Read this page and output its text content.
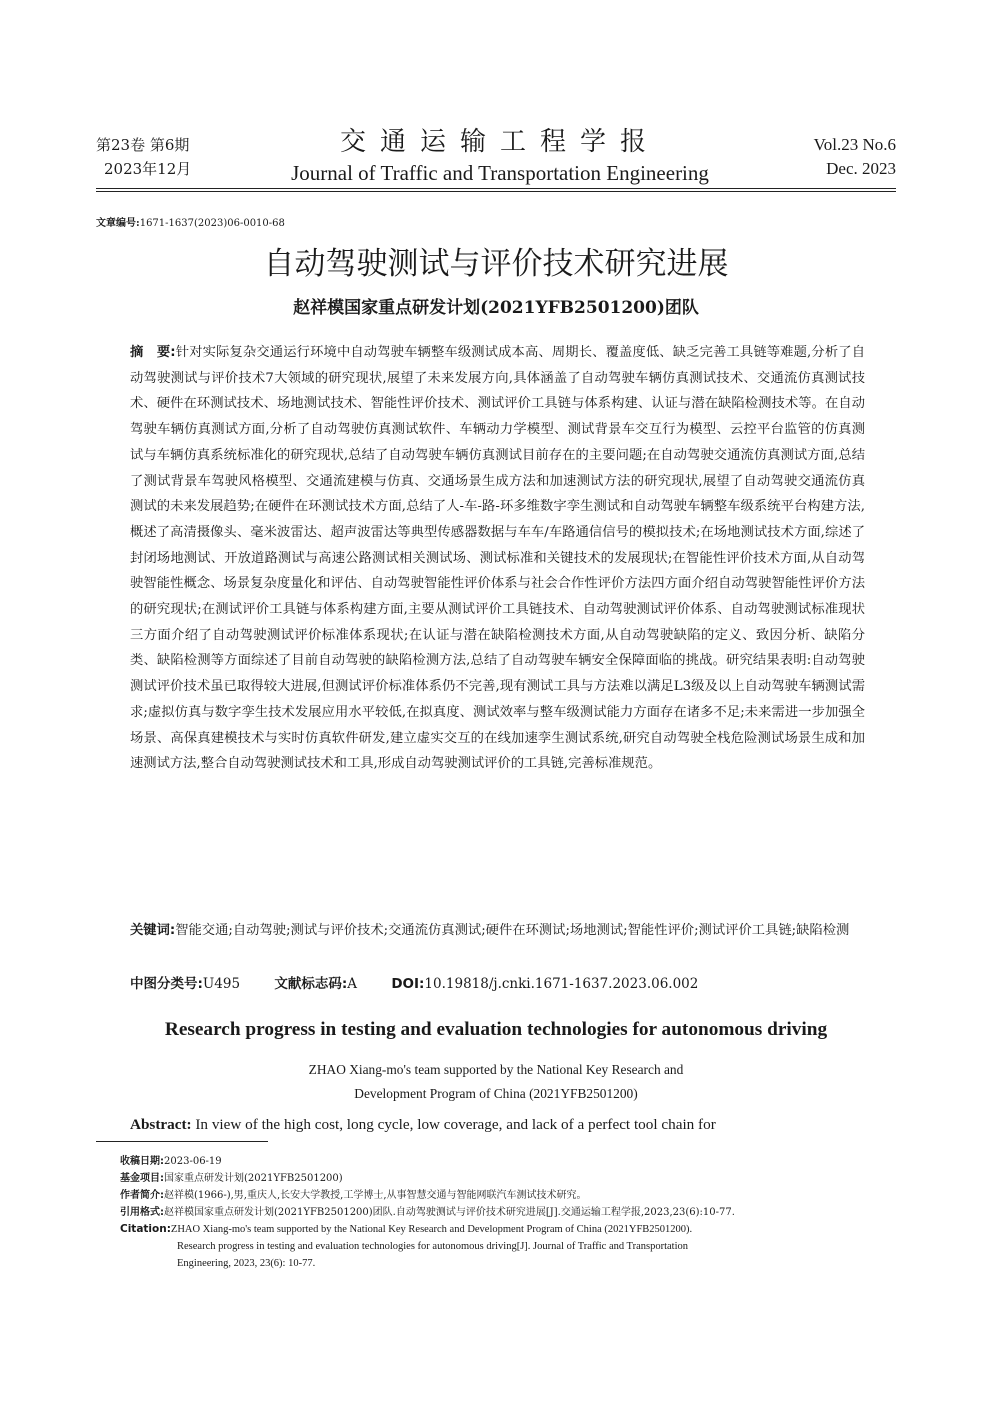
第23卷 第6期
2023年12月
交通运输工程学报
Journal of Traffic and Transportation Engineering
Vol.23 No.6
Dec. 2023
文章编号:1671-1637(2023)06-0010-68
自动驾驶测试与评价技术研究进展
赵祥模国家重点研发计划(2021YFB2501200)团队
摘　要:针对实际复杂交通运行环境中自动驾驶车辆整车级测试成本高、周期长、覆盖度低、缺乏完善工具链等难题,分析了自动驾驶测试与评价技术7大领域的研究现状,展望了未来发展方向,具体涵盖了自动驾驶车辆仿真测试技术、交通流仿真测试技术、硬件在环测试技术、场地测试技术、智能性评价技术、测试评价工具链与体系构建、认证与潜在缺陷检测技术等。在自动驾驶车辆仿真测试方面,分析了自动驾驶仿真测试软件、车辆动力学模型、测试背景车交互行为模型、云控平台监管的仿真测试与车辆仿真系统标准化的研究现状,总结了自动驾驶车辆仿真测试目前存在的主要问题;在自动驾驶交通流仿真测试方面,总结了测试背景车驾驶风格模型、交通流建模与仿真、交通场景生成方法和加速测试方法的研究现状,展望了自动驾驶交通流仿真测试的未来发展趋势;在硬件在环测试技术方面,总结了人-车-路-环多维数字孪生测试和自动驾驶车辆整车级系统平台构建方法,概述了高清摄像头、毫米波雷达、超声波雷达等典型传感器数据与车车/车路通信信号的模拟技术;在场地测试技术方面,综述了封闭场地测试、开放道路测试与高速公路测试相关测试场、测试标准和关键技术的发展现状;在智能性评价技术方面,从自动驾驶智能性概念、场景复杂度量化和评估、自动驾驶智能性评价体系与社会合作性评价方法四方面介绍自动驾驶智能性评价方法的研究现状;在测试评价工具链与体系构建方面,主要从测试评价工具链技术、自动驾驶测试评价体系、自动驾驶测试标准现状三方面介绍了自动驾驶测试评价标准体系现状;在认证与潜在缺陷检测技术方面,从自动驾驶缺陷的定义、致因分析、缺陷分类、缺陷检测等方面综述了目前自动驾驶的缺陷检测方法,总结了自动驾驶车辆安全保障面临的挑战。研究结果表明:自动驾驶测试评价技术虽已取得较大进展,但测试评价标准体系仍不完善,现有测试工具与方法难以满足L3级及以上自动驾驶车辆测试需求;虚拟仿真与数字孪生技术发展应用水平较低,在拟真度、测试效率与整车级测试能力方面存在诸多不足;未来需进一步加强全场景、高保真建模技术与实时仿真软件研发,建立虚实交互的在线加速孪生测试系统,研究自动驾驶全栈危险测试场景生成和加速测试方法,整合自动驾驶测试技术和工具,形成自动驾驶测试评价的工具链,完善标准规范。
关键词:智能交通;自动驾驶;测试与评价技术;交通流仿真测试;硬件在环测试;场地测试;智能性评价;测试评价工具链;缺陷检测
中图分类号:U495	文献标志码:A	DOI:10.19818/j.cnki.1671-1637.2023.06.002
Research progress in testing and evaluation technologies for autonomous driving
ZHAO Xiang-mo's team supported by the National Key Research and
Development Program of China (2021YFB2501200)
Abstract: In view of the high cost, long cycle, low coverage, and lack of a perfect tool chain for
收稿日期:2023-06-19
基金项目:国家重点研发计划(2021YFB2501200)
作者简介:赵祥模(1966-),男,重庆人,长安大学教授,工学博士,从事智慧交通与智能网联汽车测试技术研究。
引用格式:赵祥模国家重点研发计划(2021YFB2501200)团队.自动驾驶测试与评价技术研究进展[J].交通运输工程学报,2023,23(6):10-77.
Citation:ZHAO Xiang-mo's team supported by the National Key Research and Development Program of China (2021YFB2501200).
Research progress in testing and evaluation technologies for autonomous driving[J]. Journal of Traffic and Transportation
Engineering, 2023, 23(6): 10-77.
